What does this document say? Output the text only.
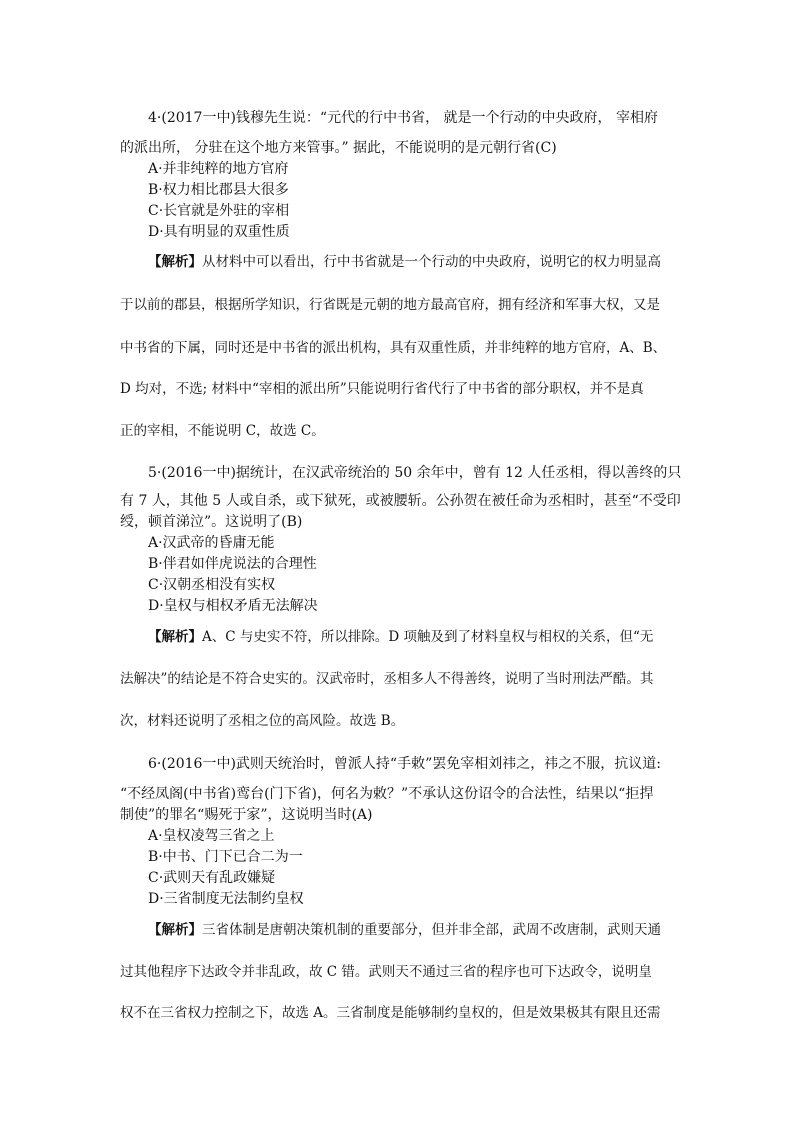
4·(2017一中)钱穆先生说：“元代的行中书省， 就是一个行动的中央政府， 宰相府
的派出所， 分驻在这个地方来管事。” 据此，不能说明的是元朝行省(C)
A·并非纯粹的地方官府
B·权力相比郡县大很多
C·长官就是外驻的宰相
D·具有明显的双重性质
【解析】从材料中可以看出，行中书省就是一个行动的中央政府，说明它的权力明显高
于以前的郡县，根据所学知识，行省既是元朝的地方最高官府，拥有经济和军事大权，又是
中书省的下属，同时还是中书省的派出机构，具有双重性质，并非纯粹的地方官府，A、B、
D 均对，不选; 材料中“宰相的派出所”只能说明行省代行了中书省的部分职权，并不是真
正的宰相，不能说明 C，故选 C。
5·(2016一中)据统计，在汉武帝统治的 50 余年中，曾有 12 人任丞相，得以善终的只
有 7 人，其他 5 人或自杀，或下狱死，或被腰斩。公孙贺在被任命为丞相时，甚至“不受印
绶，顿首涕泣”。这说明了(B)
A·汉武帝的昏庸无能
B·伴君如伴虎说法的合理性
C·汉朝丞相没有实权
D·皇权与相权矛盾无法解决
【解析】A、C 与史实不符，所以排除。D 项触及到了材料皇权与相权的关系，但“无
法解决”的结论是不符合史实的。汉武帝时，丞相多人不得善终，说明了当时刑法严酷。其
次，材料还说明了丞相之位的高风险。故选 B。
6·(2016一中)武则天统治时，曾派人持“手敕”罢免宰相刘祎之，祎之不服，抗议道:
“不经凤阁(中书省)鸾台(门下省)，何名为敕？”不承认这份诏令的合法性，结果以“拒捍
制使”的罪名“赐死于家”，这说明当时(A)
A·皇权凌驾三省之上
B·中书、门下已合二为一
C·武则天有乱政嫌疑
D·三省制度无法制约皇权
【解析】三省体制是唐朝决策机制的重要部分，但并非全部，武周不改唐制，武则天通
过其他程序下达政令并非乱政，故 C 错。武则天不通过三省的程序也可下达政令，说明皇
权不在三省权力控制之下，故选 A。三省制度是能够制约皇权的，但是效果极其有限且还需
